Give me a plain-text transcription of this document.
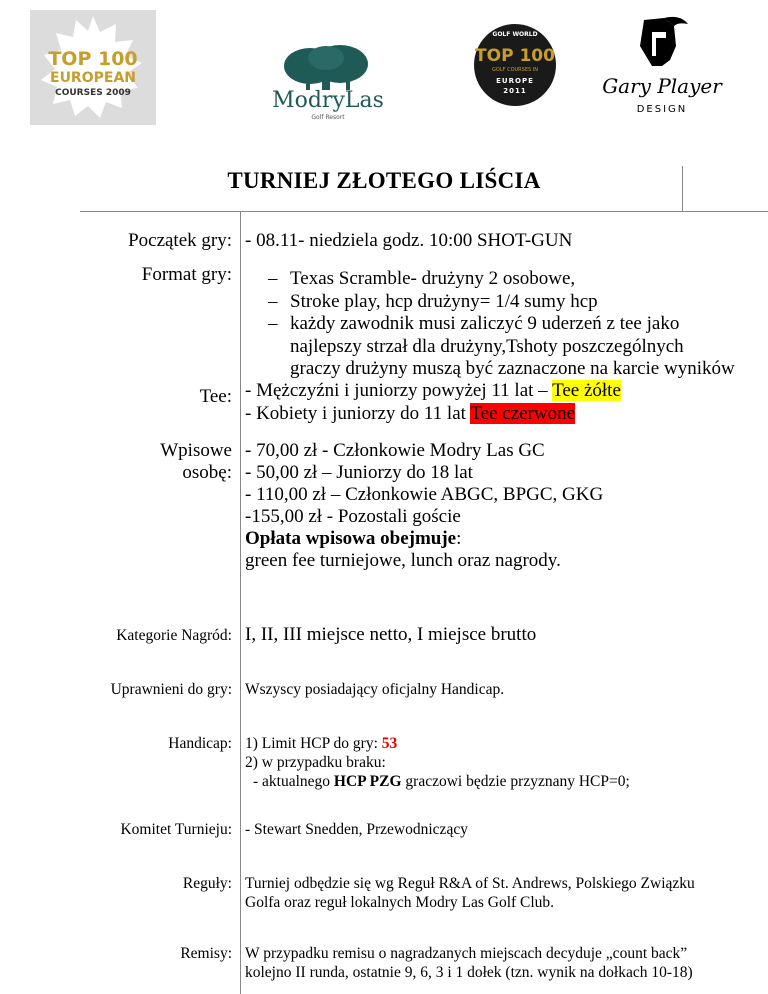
TOP 100
EUROPEAN
COURSES 2009	ModryLas
Golf Resort
GOLF WORLD
TOP 100
GOLF COURSES IN
EUROPE
2011	Gary Player
DESIGN
TURNIEJ ZŁOTEGO LIŚCIA
Początek gry: - 08.11- niedziela godz. 10:00 SHOT-GUN
Format gry: – Texas Scramble- drużyny 2 osobowe,
– Stroke play, hcp drużyny= 1/4 sumy hcp
– każdy zawodnik musi zaliczyć 9 uderzeń z tee jako
najlepszy strzał dla drużyny,Tshoty poszczególnych
graczy drużyny muszą być zaznaczone na karcie wyników
Tee: - Mężczyźni i juniorzy powyżej 11 lat – Tee żółte
- Kobiety i juniorzy do 11 lat Tee czerwone
Wpisowe
osobę:
- 70,00 zł - Członkowie Modry Las GC
- 50,00 zł – Juniorzy do 18 lat
- 110,00 zł – Członkowie ABGC, BPGC, GKG
-155,00 zł - Pozostali goście
Opłata wpisowa obejmuje:
green fee turniejowe, lunch oraz nagrody.
Kategorie Nagród: I, II, III miejsce netto, I miejsce brutto
Uprawnieni do gry: Wszyscy posiadający oficjalny Handicap.
Handicap: 1) Limit HCP do gry: 53
2) w przypadku braku:
- aktualnego HCP PZG graczowi będzie przyznany HCP=0;
Komitet Turnieju: - Stewart Snedden, Przewodniczący
Reguły: Turniej odbędzie się wg Reguł R&A of St. Andrews, Polskiego Związku
Golfa oraz reguł lokalnych Modry Las Golf Club.
Remisy: W przypadku remisu o nagradzanych miejscach decyduje „count back”
kolejno II runda, ostatnie 9, 6, 3 i 1 dołek (tzn. wynik na dołkach 10-18)
